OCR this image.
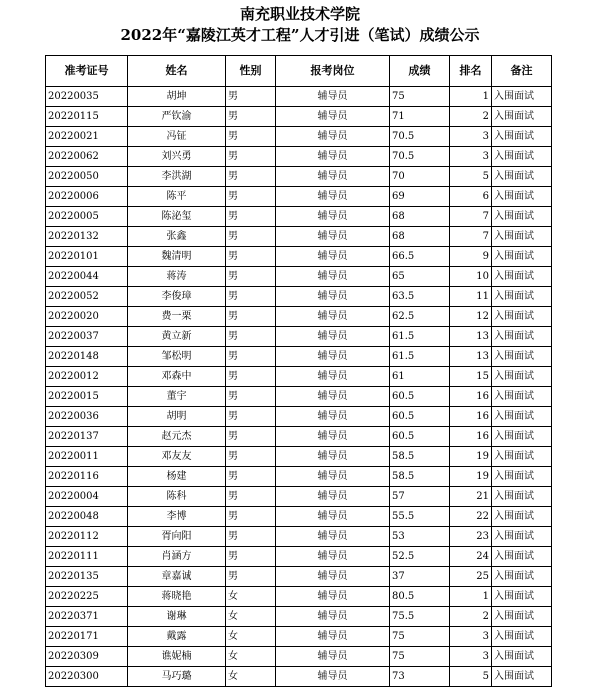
南充职业技术学院
2022年“嘉陵江英才工程”人才引进（笔试）成绩公示
准考证号	姓名	性别	报考岗位	成绩	排名	备注
20220035	胡坤	男	辅导员	75	1	入围面试
20220115	严钦渝	男	辅导员	71	2	入围面试
20220021	冯钲	男	辅导员	70.5	3	入围面试
20220062	刘兴勇	男	辅导员	70.5	3	入围面试
20220050	李洪湖	男	辅导员	70	5	入围面试
20220006	陈平	男	辅导员	69	6	入围面试
20220005	陈泌玺	男	辅导员	68	7	入围面试
20220132	张鑫	男	辅导员	68	7	入围面试
20220101	魏清明	男	辅导员	66.5	9	入围面试
20220044	蒋涛	男	辅导员	65	10	入围面试
20220052	李俊璋	男	辅导员	63.5	11	入围面试
20220020	费一栗	男	辅导员	62.5	12	入围面试
20220037	黄立新	男	辅导员	61.5	13	入围面试
20220148	邹松明	男	辅导员	61.5	13	入围面试
20220012	邓森中	男	辅导员	61	15	入围面试
20220015	董宇	男	辅导员	60.5	16	入围面试
20220036	胡明	男	辅导员	60.5	16	入围面试
20220137	赵元杰	男	辅导员	60.5	16	入围面试
20220011	邓友友	男	辅导员	58.5	19	入围面试
20220116	杨建	男	辅导员	58.5	19	入围面试
20220004	陈科	男	辅导员	57	21	入围面试
20220048	李博	男	辅导员	55.5	22	入围面试
20220112	胥向阳	男	辅导员	53	23	入围面试
20220111	肖涵方	男	辅导员	52.5	24	入围面试
20220135	章嘉诚	男	辅导员	37	25	入围面试
20220225	蒋晓艳	女	辅导员	80.5	1	入围面试
20220371	谢琳	女	辅导员	75.5	2	入围面试
20220171	戴露	女	辅导员	75	3	入围面试
20220309	谯妮楠	女	辅导员	75	3	入围面试
20220300	马巧璐	女	辅导员	73	5	入围面试
